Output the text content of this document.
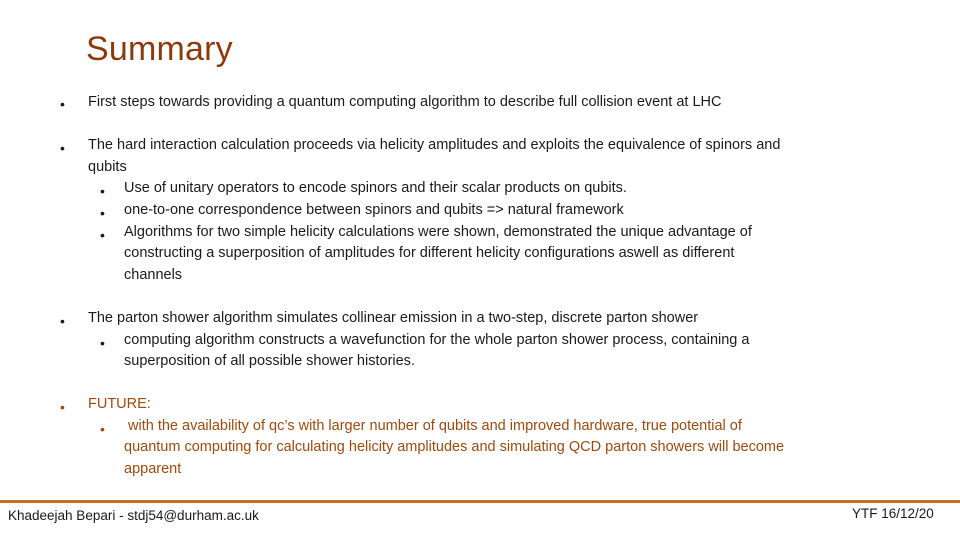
Summary
• First steps towards providing a quantum computing algorithm to describe full collision event at LHC
• The hard interaction calculation proceeds via helicity amplitudes and exploits the equivalence of spinors and
qubits
• Use of unitary operators to encode spinors and their scalar products on qubits.
• one-to-one correspondence between spinors and qubits => natural framework
• Algorithms for two simple helicity calculations were shown, demonstrated the unique advantage of
constructing a superposition of amplitudes for different helicity configurations aswell as different
channels
• The parton shower algorithm simulates collinear emission in a two-step, discrete parton shower
• computing algorithm constructs a wavefunction for the whole parton shower process, containing a
superposition of all possible shower histories.
• FUTURE:
• with the availability of qc’s with larger number of qubits and improved hardware, true potential of
quantum computing for calculating helicity amplitudes and simulating QCD parton showers will become
apparent
Khadeejah Bepari - stdj54@durham.ac.uk	YTF 16/12/20
